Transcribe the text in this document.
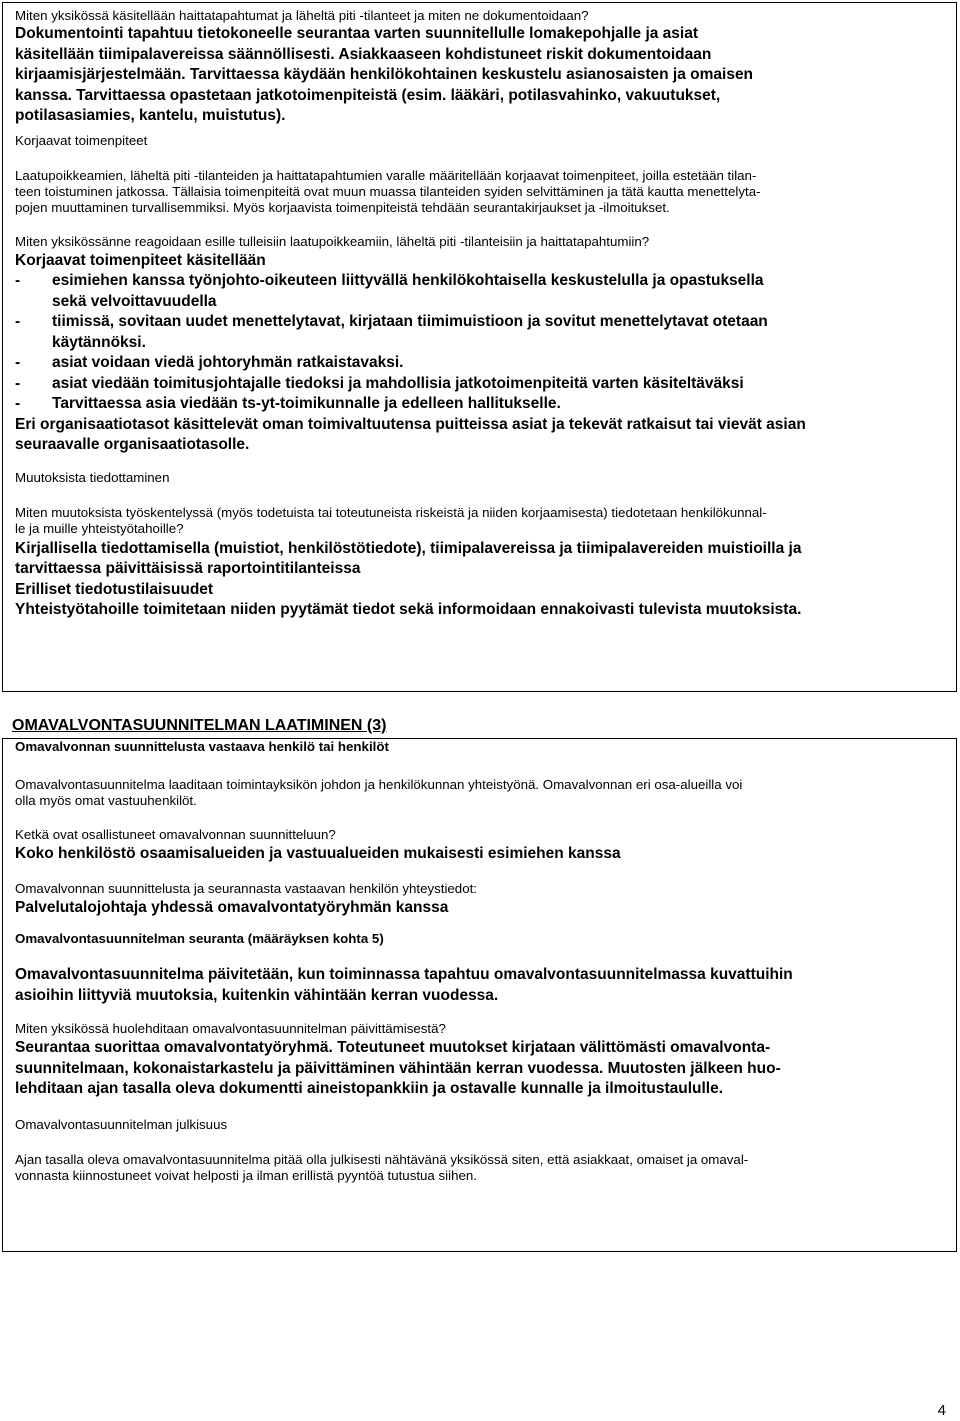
Miten yksikössä käsitellään haittatapahtumat ja läheltä piti -tilanteet ja miten ne dokumentoidaan?

Dokumentointi tapahtuu tietokoneelle seurantaa varten suunnitellulle lomakepohjalle ja asiat

käsitellään tiimipalavereissa säännöllisesti. Asiakkaaseen kohdistuneet riskit dokumentoidaan

kirjaamisjärjestelmään. Tarvittaessa käydään henkilökohtainen keskustelu asianosaisten ja omaisen

kanssa. Tarvittaessa opastetaan jatkotoimenpiteistä (esim. lääkäri, potilasvahinko, vakuutukset,

potilasasiamies, kantelu, muistutus).

Korjaavat toimenpiteet

Laatupoikkeamien, läheltä piti -tilanteiden ja haittatapahtumien varalle määritellään korjaavat toimenpiteet, joilla estetään tilan-

teen toistuminen jatkossa. Tällaisia toimenpiteitä ovat muun muassa tilanteiden syiden selvittäminen ja tätä kautta menettelyta-

pojen muuttaminen turvallisemmiksi. Myös korjaavista toimenpiteistä tehdään seurantakirjaukset ja -ilmoitukset.

Miten yksikössänne reagoidaan esille tulleisiin laatupoikkeamiin, läheltä piti -tilanteisiin ja haittatapahtumiin?

Korjaavat toimenpiteet käsitellään

- esimiehen kanssa työnjohto-oikeuteen liittyvällä henkilökohtaisella keskustelulla ja opastuksella
sekä velvoittavuudella
- tiimissä, sovitaan uudet menettelytavat, kirjataan tiimimuistioon ja sovitut menettelytavat otetaan
käytännöksi.
- asiat voidaan viedä johtoryhmän ratkaistavaksi.
- asiat viedään toimitusjohtajalle tiedoksi ja mahdollisia jatkotoimenpiteitä varten käsiteltäväksi
- Tarvittaessa asia viedään ts-yt-toimikunnalle ja edelleen hallitukselle.

Eri organisaatiotasot käsittelevät oman toimivaltuutensa puitteissa asiat ja tekevät ratkaisut tai vievät asian

seuraavalle organisaatiotasolle.

Muutoksista tiedottaminen

Miten muutoksista työskentelyssä (myös todetuista tai toteutuneista riskeistä ja niiden korjaamisesta) tiedotetaan henkilökunnal-

le ja muille yhteistyötahoille?

Kirjallisella tiedottamisella (muistiot, henkilöstötiedote), tiimipalavereissa ja tiimipalavereiden muistioilla ja

tarvittaessa päivittäisissä raportointitilanteissa

Erilliset tiedotustilaisuudet

Yhteistyötahoille toimitetaan niiden pyytämät tiedot sekä informoidaan ennakoivasti tulevista muutoksista.

OMAVALVONTASUUNNITELMAN LAATIMINEN (3)

Omavalvonnan suunnittelusta vastaava henkilö tai henkilöt

Omavalvontasuunnitelma laaditaan toimintayksikön johdon ja henkilökunnan yhteistyönä. Omavalvonnan eri osa-alueilla voi

olla myös omat vastuuhenkilöt.

Ketkä ovat osallistuneet omavalvonnan suunnitteluun?

Koko henkilöstö osaamisalueiden ja vastuualueiden mukaisesti esimiehen kanssa

Omavalvonnan suunnittelusta ja seurannasta vastaavan henkilön yhteystiedot:

Palvelutalojohtaja yhdessä omavalvontatyöryhmän kanssa

Omavalvontasuunnitelman seuranta (määräyksen kohta 5)

Omavalvontasuunnitelma päivitetään, kun toiminnassa tapahtuu omavalvontasuunnitelmassa kuvattuihin

asioihin liittyviä muutoksia, kuitenkin vähintään kerran vuodessa.

Miten yksikössä huolehditaan omavalvontasuunnitelman päivittämisestä?

Seurantaa suorittaa omavalvontatyöryhmä. Toteutuneet muutokset kirjataan välittömästi omavalvonta-

suunnitelmaan, kokonaistarkastelu ja päivittäminen vähintään kerran vuodessa. Muutosten jälkeen huo-

lehditaan ajan tasalla oleva dokumentti aineistopankkiin ja ostavalle kunnalle ja ilmoitustaululle.

Omavalvontasuunnitelman julkisuus

Ajan tasalla oleva omavalvontasuunnitelma pitää olla julkisesti nähtävänä yksikössä siten, että asiakkaat, omaiset ja omaval-

vonnasta kiinnostuneet voivat helposti ja ilman erillistä pyyntöä tutustua siihen.

4
